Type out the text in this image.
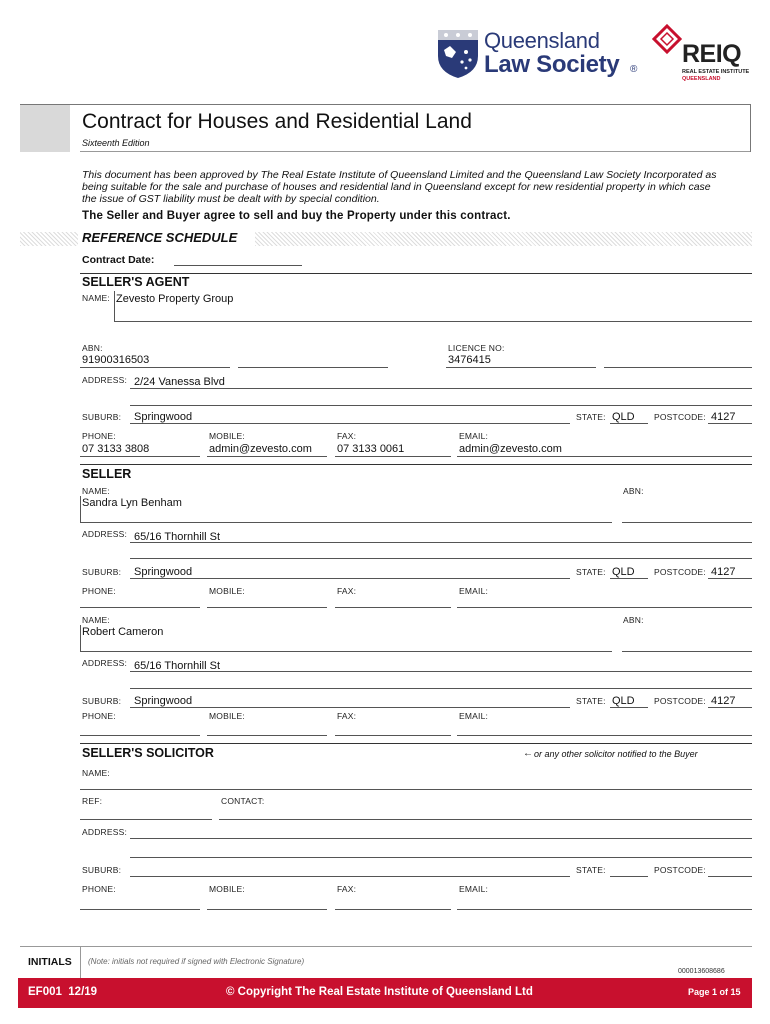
Queensland
Law Society ®
REIQ
REAL ESTATE INSTITUTE
QUEENSLAND
Contract for Houses and Residential Land
Sixteenth Edition
This document has been approved by The Real Estate Institute of Queensland Limited and the Queensland Law Society Incorporated as being suitable for the sale and purchase of houses and residential land in Queensland except for new residential property in which case the issue of GST liability must be dealt with by special condition.
The Seller and Buyer agree to sell and buy the Property under this contract.
REFERENCE SCHEDULE
Contract Date:
SELLER'S AGENT
NAME: Zevesto Property Group
ABN:
91900316503
LICENCE NO:
3476415
ADDRESS: 2/24 Vanessa Blvd
SUBURB: Springwood	STATE: QLD POSTCODE: 4127
PHONE:
07 3133 3808
MOBILE:
admin@zevesto.com
FAX:
07 3133 0061
EMAIL:
admin@zevesto.com
SELLER
NAME:	ABN:
Sandra Lyn Benham
ADDRESS: 65/16 Thornhill St
SUBURB: Springwood	STATE: QLD POSTCODE: 4127
PHONE:	MOBILE:	FAX:	EMAIL:
NAME:	ABN:
Robert Cameron
ADDRESS: 65/16 Thornhill St
SUBURB: Springwood	STATE: QLD POSTCODE: 4127
PHONE:	MOBILE:	FAX:	EMAIL:
SELLER'S SOLICITOR	← or any other solicitor notified to the Buyer
NAME:
REF:	CONTACT:
ADDRESS:
SUBURB:	STATE:	POSTCODE:
PHONE:	MOBILE:	FAX:	EMAIL:
INITIALS (Note: initials not required if signed with Electronic Signature)
000013608686
EF001  12/19	© Copyright The Real Estate Institute of Queensland Ltd	Page 1 of 15
